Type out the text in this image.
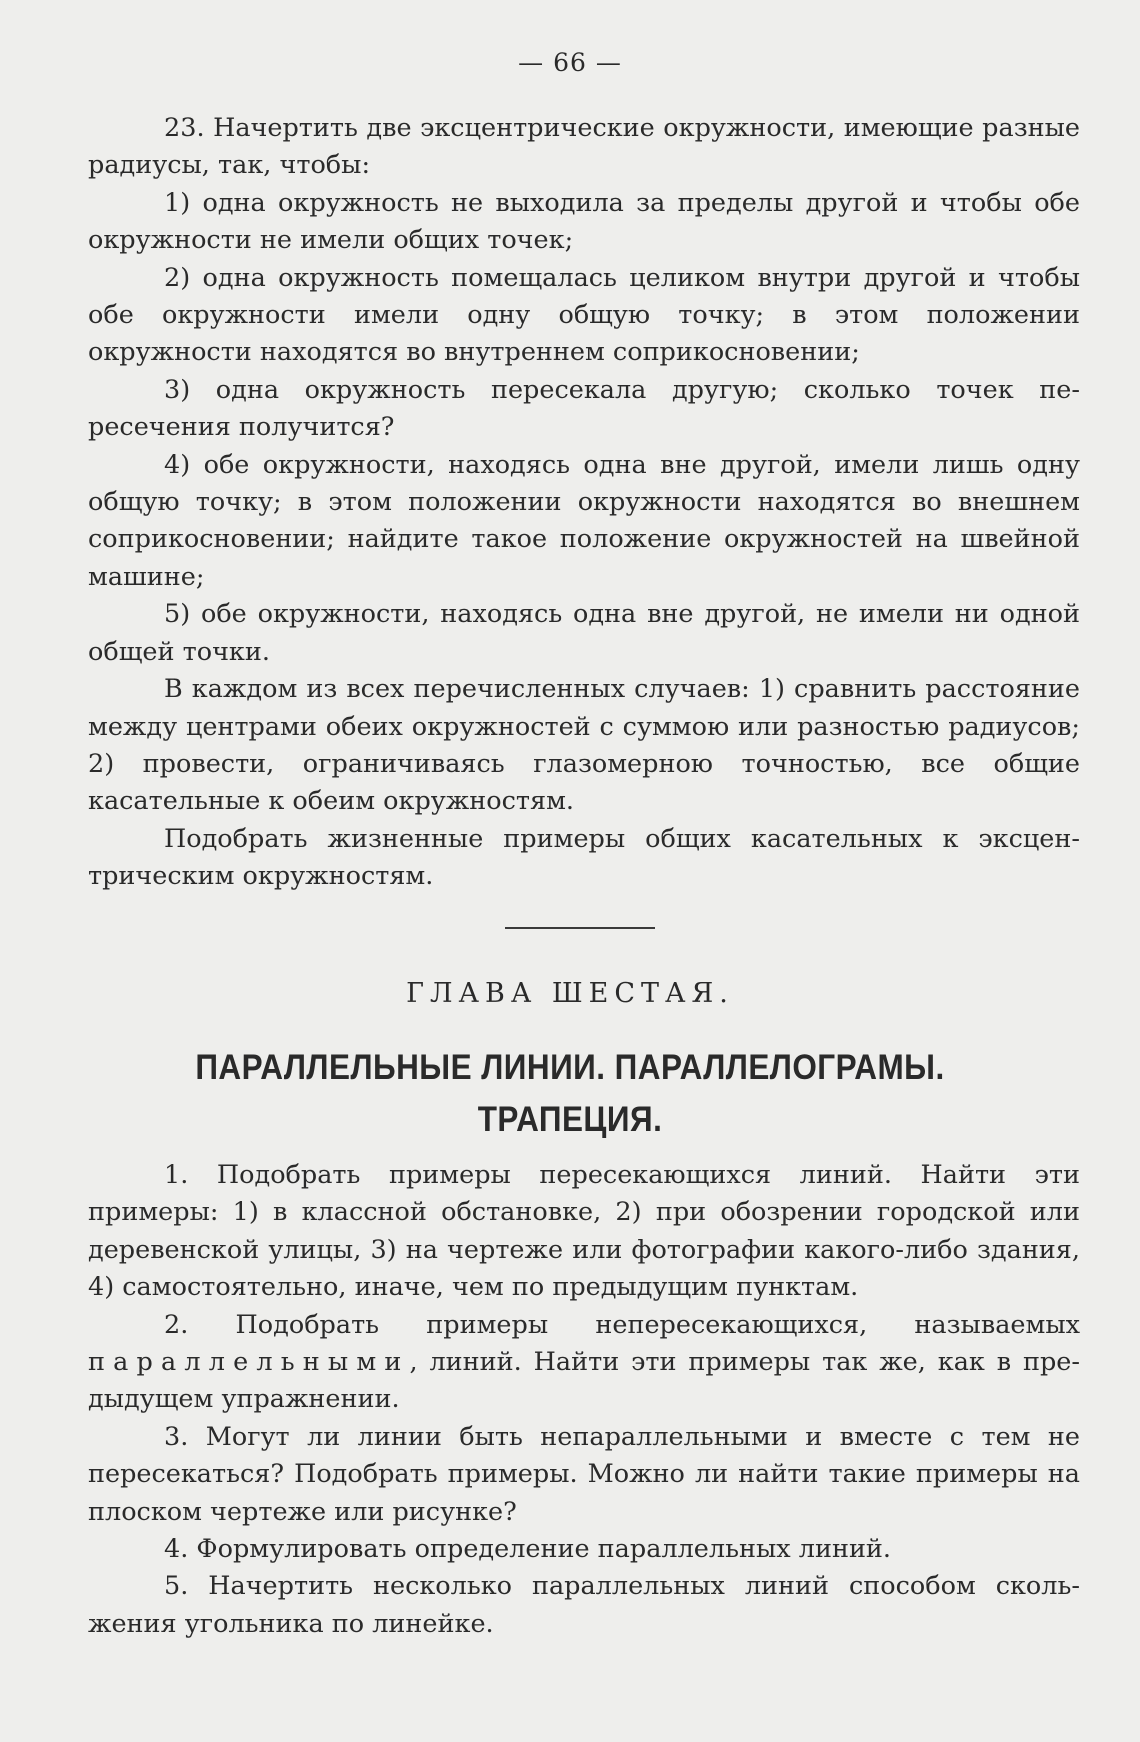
— 66 —

23. Начертить две эксцентрические окружности, имеющие разные радиусы, так, чтобы:

1) одна окружность не выходила за пределы другой и чтобы обе окружности не имели общих точек;

2) одна окружность помещалась целиком внутри другой и чтобы обе окружности имели одну общую точку; в этом положении окружности находятся во внутреннем соприкосновении;

3) одна окружность пересекала другую; сколько точек пересечения получится?

4) обе окружности, находясь одна вне другой, имели лишь одну общую точку; в этом положении окружности находятся во внешнем соприкосновении; найдите такое положение окружностей на швейной машине;

5) обе окружности, находясь одна вне другой, не имели ни одной общей точки.

В каждом из всех перечисленных случаев: 1) сравнить расстояние между центрами обеих окружностей с суммою или разностью радиусов; 2) провести, ограничиваясь глазомерною точностью, все общие касательные к обеим окружностям.

Подобрать жизненные примеры общих касательных к эксцентрическим окружностям.

ГЛАВА ШЕСТАЯ.
ПАРАЛЛЕЛЬНЫЕ ЛИНИИ. ПАРАЛЛЕЛОГРАМЫ.
ТРАПЕЦИЯ.

1. Подобрать примеры пересекающихся линий. Найти эти примеры: 1) в классной обстановке, 2) при обозрении городской или деревенской улицы, 3) на чертеже или фотографии какого-либо здания, 4) самостоятельно, иначе, чем по предыдущим пунктам.

2. Подобрать примеры непересекающихся, называемых параллельными, линий. Найти эти примеры так же, как в предыдущем упражнении.

3. Могут ли линии быть непараллельными и вместе с тем не пересекаться? Подобрать примеры. Можно ли найти такие примеры на плоском чертеже или рисунке?

4. Формулировать определение параллельных линий.

5. Начертить несколько параллельных линий способом скольжения угольника по линейке.
